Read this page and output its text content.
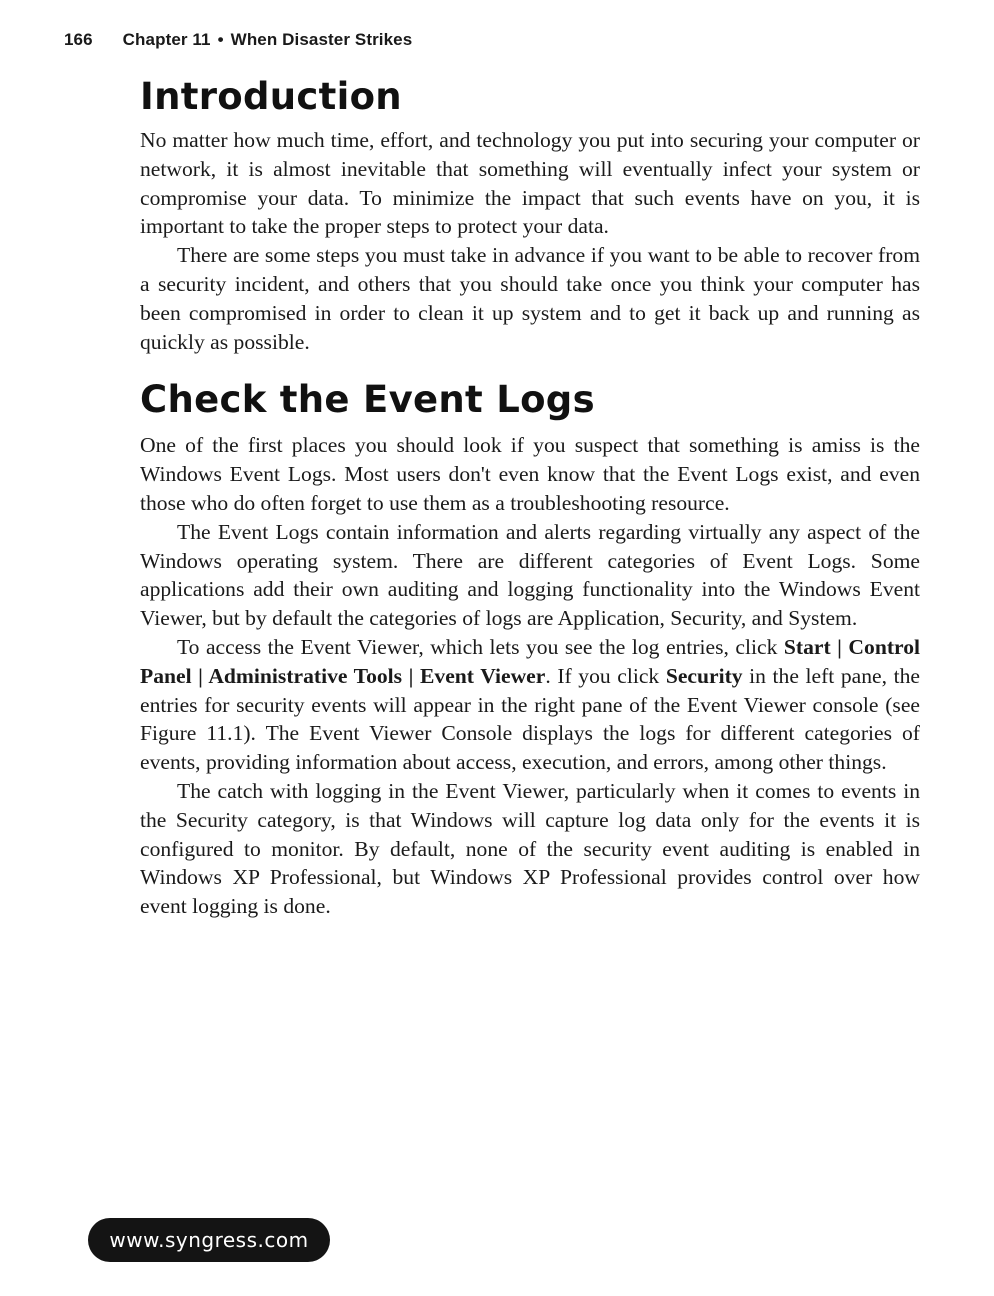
166 Chapter 11 • When Disaster Strikes
Introduction

No matter how much time, effort, and technology you put into securing your computer or network, it is almost inevitable that something will eventually infect your system or compromise your data. To minimize the impact that such events have on you, it is important to take the proper steps to protect your data.

There are some steps you must take in advance if you want to be able to recover from a security incident, and others that you should take once you think your computer has been compromised in order to clean it up system and to get it back up and running as quickly as possible.

Check the Event Logs

One of the first places you should look if you suspect that something is amiss is the Windows Event Logs. Most users don't even know that the Event Logs exist, and even those who do often forget to use them as a troubleshooting resource.

The Event Logs contain information and alerts regarding virtually any aspect of the Windows operating system. There are different categories of Event Logs. Some applications add their own auditing and logging functionality into the Windows Event Viewer, but by default the categories of logs are Application, Security, and System.

To access the Event Viewer, which lets you see the log entries, click Start | Control Panel | Administrative Tools | Event Viewer. If you click Security in the left pane, the entries for security events will appear in the right pane of the Event Viewer console (see Figure 11.1). The Event Viewer Console displays the logs for different categories of events, providing information about access, execution, and errors, among other things.

The catch with logging in the Event Viewer, particularly when it comes to events in the Security category, is that Windows will capture log data only for the events it is configured to monitor. By default, none of the security event auditing is enabled in Windows XP Professional, but Windows XP Professional provides control over how event logging is done.

www.syngress.com
